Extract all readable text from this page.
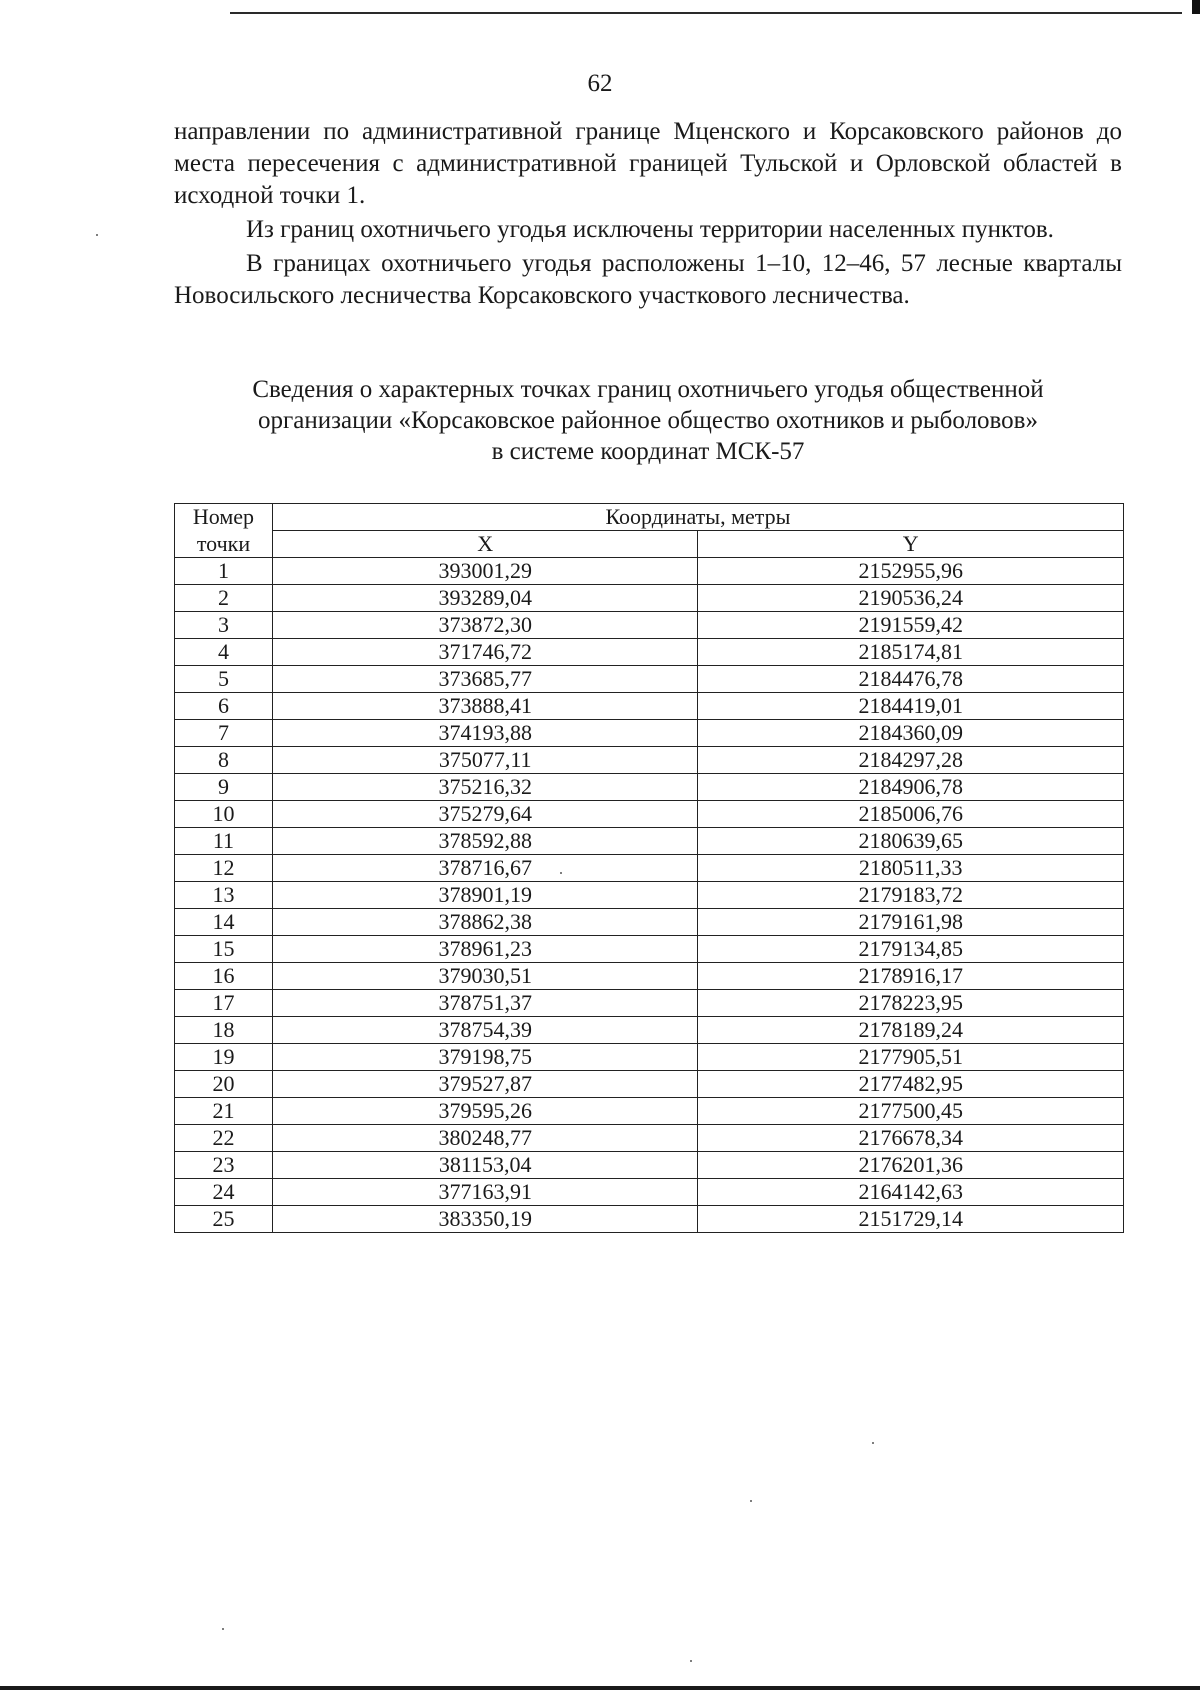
62

направлении по административной границе Мценского и Корсаковского районов до места пересечения с административной границей Тульской и Орловской областей в исходной точки 1.

Из границ охотничьего угодья исключены территории населенных пунктов.

В границах охотничьего угодья расположены 1–10, 12–46, 57 лесные кварталы Новосильского лесничества Корсаковского участкового лесничества.

Сведения о характерных точках границ охотничьего угодья общественной
организации «Корсаковское районное общество охотников и рыболовов»
в системе координат МСК-57
Номер	Координаты, метры	
точки	X	Y
1	393001,29	2152955,96
2	393289,04	2190536,24
3	373872,30	2191559,42
4	371746,72	2185174,81
5	373685,77	2184476,78
6	373888,41	2184419,01
7	374193,88	2184360,09
8	375077,11	2184297,28
9	375216,32	2184906,78
10	375279,64	2185006,76
11	378592,88	2180639,65
12	378716,67	2180511,33
13	378901,19	2179183,72
14	378862,38	2179161,98
15	378961,23	2179134,85
16	379030,51	2178916,17
17	378751,37	2178223,95
18	378754,39	2178189,24
19	379198,75	2177905,51
20	379527,87	2177482,95
21	379595,26	2177500,45
22	380248,77	2176678,34
23	381153,04	2176201,36
24	377163,91	2164142,63
25	383350,19	2151729,14
